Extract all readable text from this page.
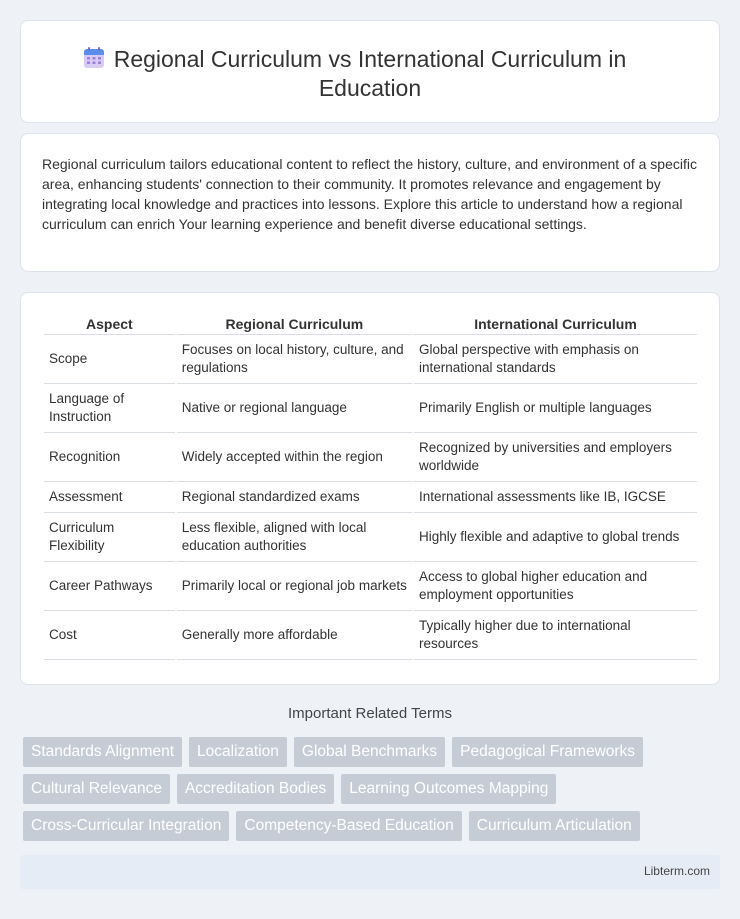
Regional Curriculum vs International Curriculum in
Education

Regional curriculum tailors educational content to reflect the history, culture, and environment of a specific area, enhancing students' connection to their community. It promotes relevance and engagement by integrating local knowledge and practices into lessons. Explore this article to understand how a regional curriculum can enrich Your learning experience and benefit diverse educational settings.

Aspect	Regional Curriculum	International Curriculum
Scope	Focuses on local history, culture, and regulations	Global perspective with emphasis on international standards
Language of Instruction	Native or regional language	Primarily English or multiple languages
Recognition	Widely accepted within the region	Recognized by universities and employers worldwide
Assessment	Regional standardized exams	International assessments like IB, IGCSE
Curriculum Flexibility	Less flexible, aligned with local education authorities	Highly flexible and adaptive to global trends
Career Pathways	Primarily local or regional job markets	Access to global higher education and employment opportunities
Cost	Generally more affordable	Typically higher due to international resources
Important Related Terms
Standards Alignment	Localization	Global Benchmarks	Pedagogical Frameworks
Cultural Relevance	Accreditation Bodies	Learning Outcomes Mapping
Cross-Curricular Integration	Competency-Based Education	Curriculum Articulation
Libterm.com
